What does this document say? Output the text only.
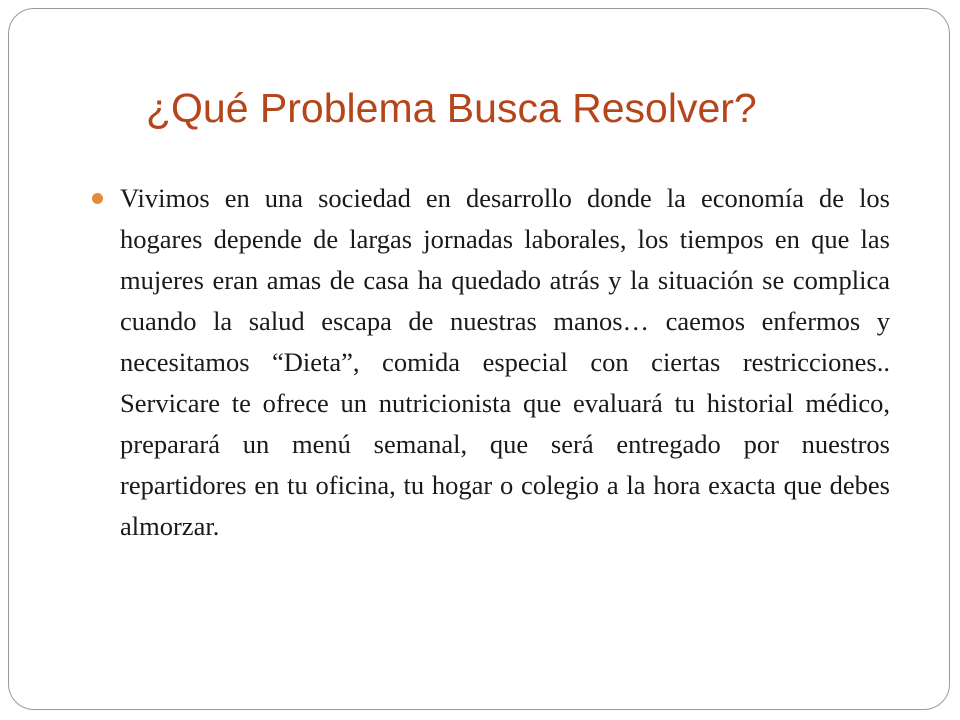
¿Qué Problema Busca Resolver?
Vivimos en una sociedad en desarrollo donde la economía de los hogares depende de largas jornadas laborales, los tiempos en que las mujeres eran amas de casa ha quedado atrás y la situación se complica cuando la salud escapa de nuestras manos… caemos enfermos y necesitamos “Dieta”, comida especial con ciertas restricciones.. Servicare te ofrece un nutricionista que evaluará tu historial médico, preparará un menú semanal, que será entregado por nuestros repartidores en tu oficina, tu hogar o colegio a la hora exacta que debes almorzar.
